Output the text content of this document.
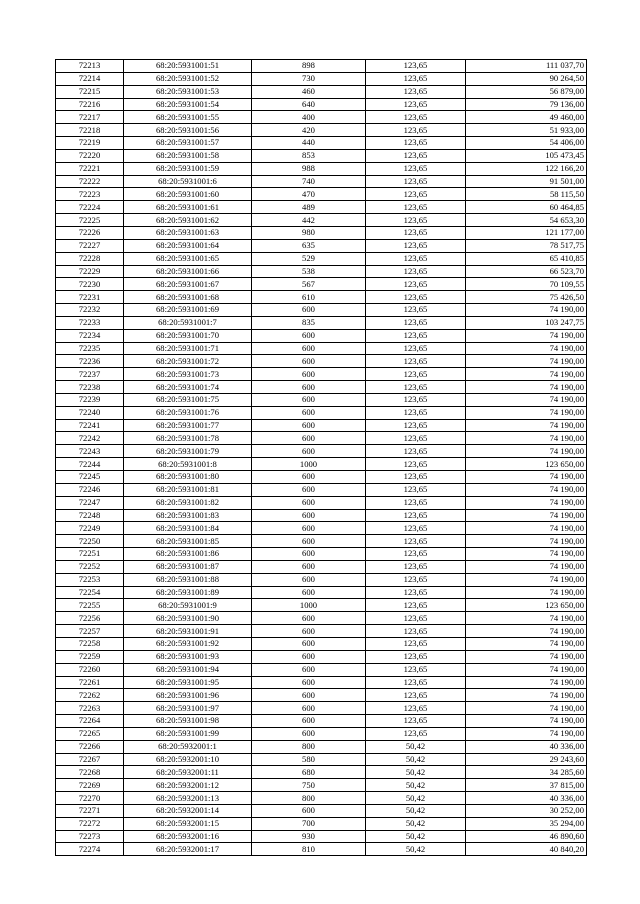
72213	68:20:5931001:51	898	123,65	111 037,70
72214	68:20:5931001:52	730	123,65	90 264,50
72215	68:20:5931001:53	460	123,65	56 879,00
72216	68:20:5931001:54	640	123,65	79 136,00
72217	68:20:5931001:55	400	123,65	49 460,00
72218	68:20:5931001:56	420	123,65	51 933,00
72219	68:20:5931001:57	440	123,65	54 406,00
72220	68:20:5931001:58	853	123,65	105 473,45
72221	68:20:5931001:59	988	123,65	122 166,20
72222	68:20:5931001:6	740	123,65	91 501,00
72223	68:20:5931001:60	470	123,65	58 115,50
72224	68:20:5931001:61	489	123,65	60 464,85
72225	68:20:5931001:62	442	123,65	54 653,30
72226	68:20:5931001:63	980	123,65	121 177,00
72227	68:20:5931001:64	635	123,65	78 517,75
72228	68:20:5931001:65	529	123,65	65 410,85
72229	68:20:5931001:66	538	123,65	66 523,70
72230	68:20:5931001:67	567	123,65	70 109,55
72231	68:20:5931001:68	610	123,65	75 426,50
72232	68:20:5931001:69	600	123,65	74 190,00
72233	68:20:5931001:7	835	123,65	103 247,75
72234	68:20:5931001:70	600	123,65	74 190,00
72235	68:20:5931001:71	600	123,65	74 190,00
72236	68:20:5931001:72	600	123,65	74 190,00
72237	68:20:5931001:73	600	123,65	74 190,00
72238	68:20:5931001:74	600	123,65	74 190,00
72239	68:20:5931001:75	600	123,65	74 190,00
72240	68:20:5931001:76	600	123,65	74 190,00
72241	68:20:5931001:77	600	123,65	74 190,00
72242	68:20:5931001:78	600	123,65	74 190,00
72243	68:20:5931001:79	600	123,65	74 190,00
72244	68:20:5931001:8	1000	123,65	123 650,00
72245	68:20:5931001:80	600	123,65	74 190,00
72246	68:20:5931001:81	600	123,65	74 190,00
72247	68:20:5931001:82	600	123,65	74 190,00
72248	68:20:5931001:83	600	123,65	74 190,00
72249	68:20:5931001:84	600	123,65	74 190,00
72250	68:20:5931001:85	600	123,65	74 190,00
72251	68:20:5931001:86	600	123,65	74 190,00
72252	68:20:5931001:87	600	123,65	74 190,00
72253	68:20:5931001:88	600	123,65	74 190,00
72254	68:20:5931001:89	600	123,65	74 190,00
72255	68:20:5931001:9	1000	123,65	123 650,00
72256	68:20:5931001:90	600	123,65	74 190,00
72257	68:20:5931001:91	600	123,65	74 190,00
72258	68:20:5931001:92	600	123,65	74 190,00
72259	68:20:5931001:93	600	123,65	74 190,00
72260	68:20:5931001:94	600	123,65	74 190,00
72261	68:20:5931001:95	600	123,65	74 190,00
72262	68:20:5931001:96	600	123,65	74 190,00
72263	68:20:5931001:97	600	123,65	74 190,00
72264	68:20:5931001:98	600	123,65	74 190,00
72265	68:20:5931001:99	600	123,65	74 190,00
72266	68:20:5932001:1	800	50,42	40 336,00
72267	68:20:5932001:10	580	50,42	29 243,60
72268	68:20:5932001:11	680	50,42	34 285,60
72269	68:20:5932001:12	750	50,42	37 815,00
72270	68:20:5932001:13	800	50,42	40 336,00
72271	68:20:5932001:14	600	50,42	30 252,00
72272	68:20:5932001:15	700	50,42	35 294,00
72273	68:20:5932001:16	930	50,42	46 890,60
72274	68:20:5932001:17	810	50,42	40 840,20
